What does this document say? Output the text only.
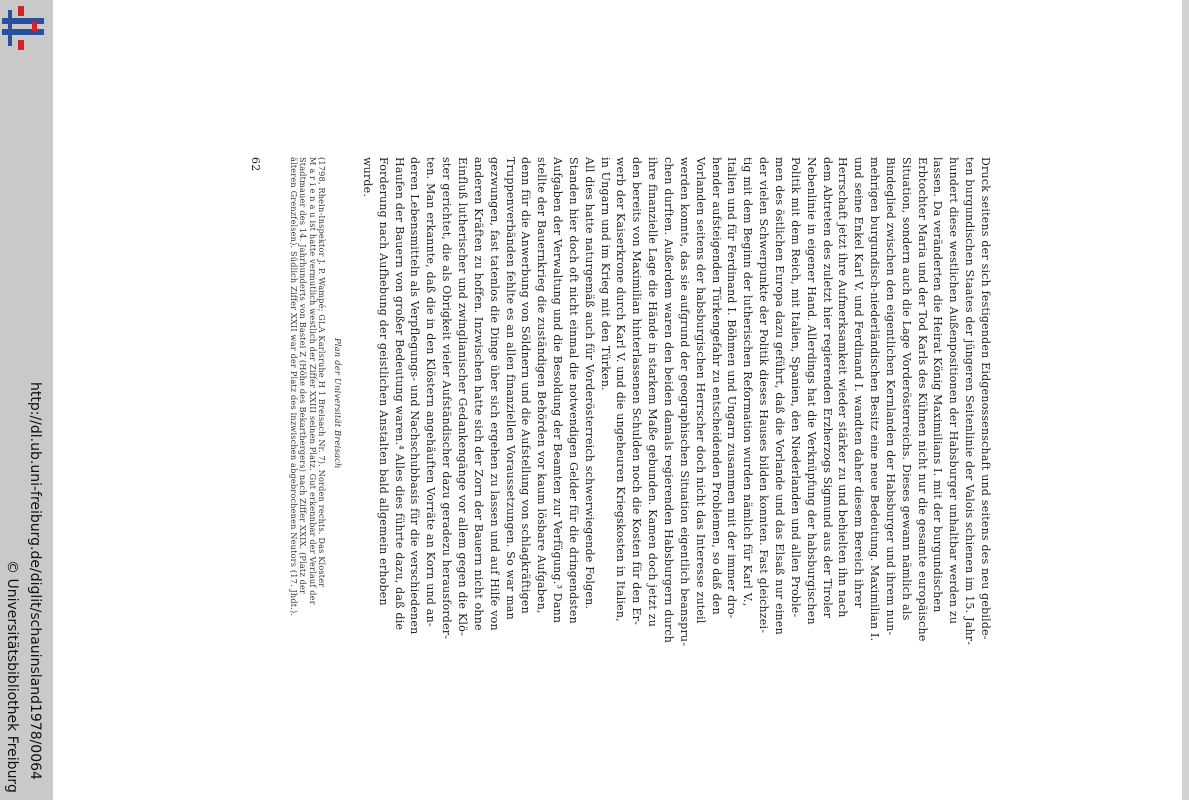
http://dl.ub.uni-freiburg.de/diglit/schauinsland1978/0064
© Universitätsbibliothek Freiburg
Druck seitens der sich festigenden Eidgenossenschaft und seitens des neu gebilde-
ten burgundischen Staates der jüngeren Seitenlinie der Valois schienen im 15. Jahr-
hundert diese westlichen Außenpositionen der Habsburger unhaltbar werden zu
lassen. Da veränderten die Heirat König Maximilians I. mit der burgundischen
Erbtochter Maria und der Tod Karls des Kühnen nicht nur die gesamte europäische
Situation, sondern auch die Lage Vorderösterreichs. Dieses gewann nämlich als
Bindeglied zwischen den eigentlichen Kernlanden der Habsburger und ihrem nun-
mehrigen burgundisch-niederländischen Besitz eine neue Bedeutung. Maximilian I.
und seine Enkel Karl V. und Ferdinand I. wandten daher diesem Bereich ihrer
Herrschaft jetzt ihre Aufmerksamkeit wieder stärker zu und behielten ihn nach
dem Abtreten des zuletzt hier regierenden Erzherzogs Sigmund aus der Tiroler
Nebenlinie in eigener Hand. Allerdings hat die Verknüpfung der habsburgischen
Politik mit dem Reich, mit Italien, Spanien, den Niederlanden und allen Proble-
men des östlichen Europa dazu geführt, daß die Vorlande und das Elsaß nur einen
der vielen Schwerpunkte der Politik dieses Hauses bilden konnten. Fast gleichzei-
tig mit dem Beginn der lutherischen Reformation wurden nämlich für Karl V.,
Italien und für Ferdinand I. Böhmen und Ungarn zusammen mit der immer dro-
hender aufsteigenden Türkengefahr zu entscheidenden Problemen, so daß den
Vorlanden seitens der habsburgischen Herrscher doch nicht das Interesse zuteil
werden konnte, das sie aufgrund der geographischen Situation eigentlich beanspru-
chen durften. Außerdem waren den beiden damals regierenden Habsburgern durch
ihre finanzielle Lage die Hände in starkem Maße gebunden. Kamen doch jetzt zu
den bereits von Maximilian hinterlassenen Schulden noch die Kosten für den Er-
werb der Kaiserkrone durch Karl V. und die ungeheuren Kriegskosten in Italien,
in Ungarn und im Krieg mit den Türken.
All dies hatte naturgemäß auch für Vorderösterreich schwerwiegende Folgen.
Standen hier doch oft nicht einmal die notwendigen Gelder für die dringendsten
Aufgaben der Verwaltung und die Besoldung der Beamten zur Verfügung.³ Dann
stellte der Bauernkrieg die zuständigen Behörden vor kaum lösbare Aufgaben,
denn für die Anwerbung von Söldnern und die Aufstellung von schlagkräftigen
Truppenverbänden fehlte es an allen finanziellen Voraussetzungen. So war man
gezwungen, fast tatenlos die Dinge über sich ergehen zu lassen und auf Hilfe von
anderen Kräften zu hoffen. Inzwischen hatte sich der Zorn der Bauern nicht ohne
Einfluß lutherischer und zwinglianischer Gedankengänge vor allem gegen die Klö-
ster gerichtet, die als Obrigkeit vieler Aufständischer dazu geradezu herausforder-
ten. Man erkannte, daß die in den Klöstern angehäuften Vorräte an Korn und an-
deren Lebensmitteln als Verpflegungs- und Nachschubbasis für die verschiedenen
Haufen der Bauern von großer Bedeutung waren.⁴ Alles dies führte dazu, daß die
Forderung nach Aufhebung der geistlichen Anstalten bald allgemein erhoben
wurde.
Plan der Universität Breisach
(1798, Rhein-Inspektor J. P. Wampé; GLA Karlsruhe H 1 Breisach Nr. 7). Norden rechts. Das Kloster
M a r i e n a u ist hatte vermutlich westlich der Ziffer XXIII seinen Platz. Gut erkennbar der Verlauf der
Stadtmauer des 14. Jahrhunderts von Bastei Z (Höhe des Bekarthergers) nach Ziffer XXIX. (Platz der
älteren Grenzfelsen). Südlich Ziffer XXII war der Platz des inzwischen abgebrochenen Neutors (17. Jhdt.).
62
